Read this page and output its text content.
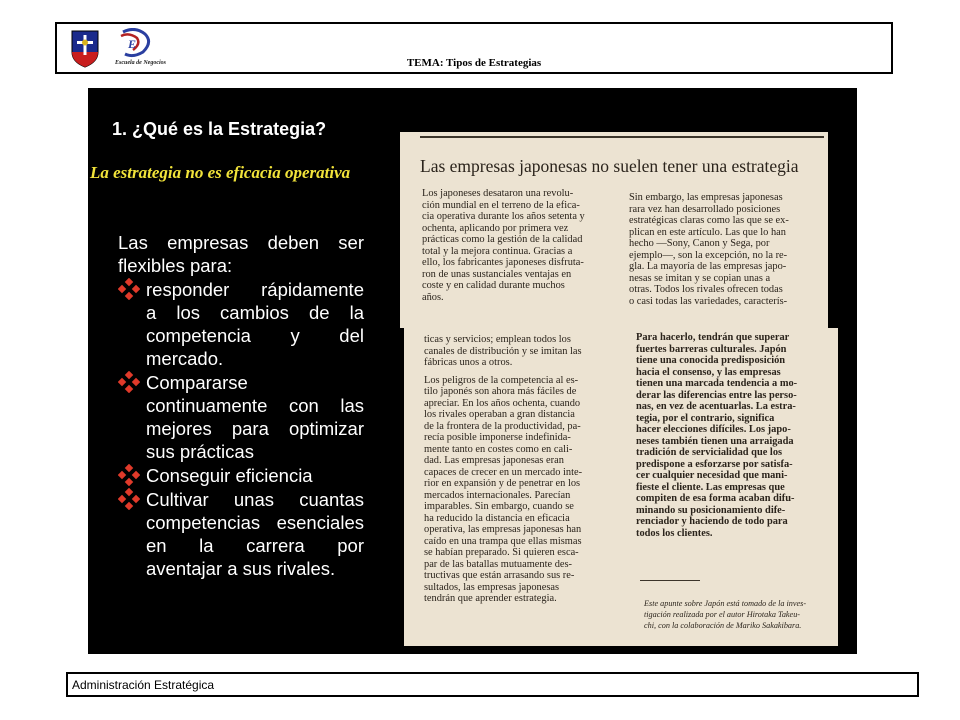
E
Escuela de Negocios	TEMA: Tipos de Estrategias
1. ¿Qué es la Estrategia?
La estrategia no es eficacia operativa
Las empresas deben ser
flexibles para:
responder rápidamente
a los cambios de la
competencia y del
mercado.
Compararse
continuamente con las
mejores para optimizar
sus prácticas
Conseguir eficiencia
Cultivar unas cuantas
competencias esenciales
en la carrera por
aventajar a sus rivales.
Las empresas japonesas no suelen tener una estrategia
Los japoneses desataron una revolu-
ción mundial en el terreno de la efica-
cia operativa durante los años setenta y
ochenta, aplicando por primera vez
prácticas como la gestión de la calidad
total y la mejora continua. Gracias a
ello, los fabricantes japoneses disfruta-
ron de unas sustanciales ventajas en
coste y en calidad durante muchos
años.
Sin embargo, las empresas japonesas
rara vez han desarrollado posiciones
estratégicas claras como las que se ex-
plican en este artículo. Las que lo han
hecho —Sony, Canon y Sega, por
ejemplo—, son la excepción, no la re-
gla. La mayoría de las empresas japo-
nesas se imitan y se copian unas a
otras. Todos los rivales ofrecen todas
o casi todas las variedades, caracterís-
ticas y servicios; emplean todos los
canales de distribución y se imitan las
fábricas unos a otros.
Los peligros de la competencia al es-
tilo japonés son ahora más fáciles de
apreciar. En los años ochenta, cuando
los rivales operaban a gran distancia
de la frontera de la productividad, pa-
recía posible imponerse indefinida-
mente tanto en costes como en cali-
dad. Las empresas japonesas eran
capaces de crecer en un mercado inte-
rior en expansión y de penetrar en los
mercados internacionales. Parecían
imparables. Sin embargo, cuando se
ha reducido la distancia en eficacia
operativa, las empresas japonesas han
caído en una trampa que ellas mismas
se habían preparado. Si quieren esca-
par de las batallas mutuamente des-
tructivas que están arrasando sus re-
sultados, las empresas japonesas
tendrán que aprender estrategia.
Para hacerlo, tendrán que superar
fuertes barreras culturales. Japón
tiene una conocida predisposición
hacia el consenso, y las empresas
tienen una marcada tendencia a mo-
derar las diferencias entre las perso-
nas, en vez de acentuarlas. La estra-
tegia, por el contrario, significa
hacer elecciones difíciles. Los japo-
neses también tienen una arraigada
tradición de servicialidad que los
predispone a esforzarse por satisfa-
cer cualquier necesidad que mani-
fieste el cliente. Las empresas que
compiten de esa forma acaban difu-
minando su posicionamiento dife-
renciador y haciendo de todo para
todos los clientes.
Este apunte sobre Japón está tomado de la inves-
tigación realizada por el autor Hirotaka Takeu-
chi, con la colaboración de Mariko Sakakibara.
Administración Estratégica
